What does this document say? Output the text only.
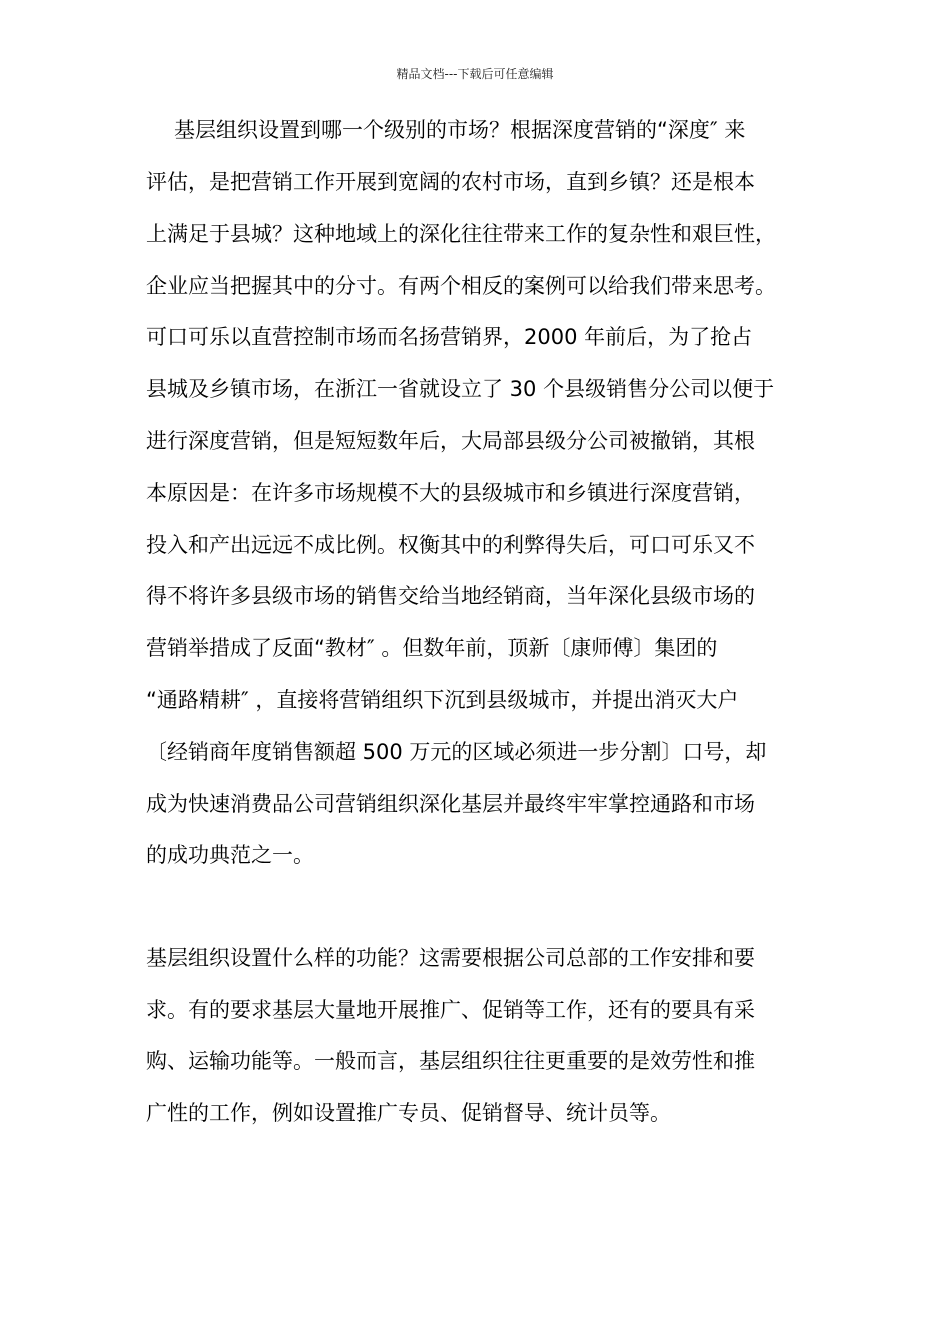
精品文档---下载后可任意编辑
基层组织设置到哪一个级别的市场？根据深度营销的“深度″ 来
评估，是把营销工作开展到宽阔的农村市场，直到乡镇？还是根本
上满足于县城？这种地域上的深化往往带来工作的复杂性和艰巨性，
企业应当把握其中的分寸。有两个相反的案例可以给我们带来思考。
可口可乐以直营控制市场而名扬营销界，2000 年前后，为了抢占
县城及乡镇市场，在浙江一省就设立了 30 个县级销售分公司以便于
进行深度营销，但是短短数年后，大局部县级分公司被撤销，其根
本原因是：在许多市场规模不大的县级城市和乡镇进行深度营销，
投入和产出远远不成比例。权衡其中的利弊得失后，可口可乐又不
得不将许多县级市场的销售交给当地经销商，当年深化县级市场的
营销举措成了反面“教材″ 。但数年前，顶新〔康师傅〕集团的
“通路精耕″ ，直接将营销组织下沉到县级城市，并提出消灭大户
〔经销商年度销售额超 500 万元的区域必须进一步分割〕口号，却
成为快速消费品公司营销组织深化基层并最终牢牢掌控通路和市场
的成功典范之一。
基层组织设置什么样的功能？这需要根据公司总部的工作安排和要
求。有的要求基层大量地开展推广、促销等工作，还有的要具有采
购、运输功能等。一般而言，基层组织往往更重要的是效劳性和推
广性的工作，例如设置推广专员、促销督导、统计员等。
